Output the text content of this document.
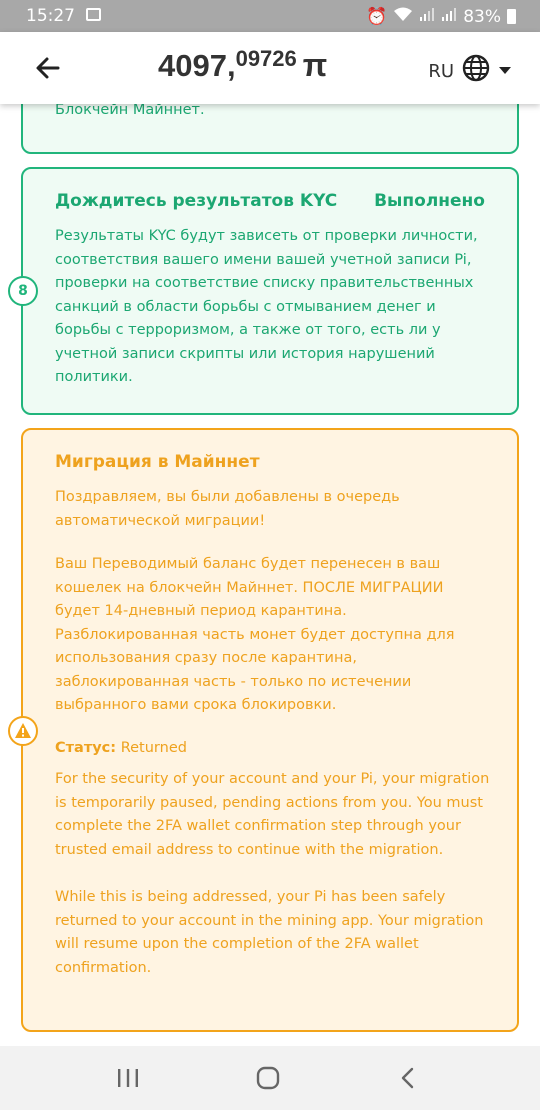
15:27	⏰	83%
4097,09726 π	RU
Блокчейн Майннет.
Дождитесь результатов KYC Выполнено
Результаты KYC будут зависеть от проверки личности,
соответствия вашего имени вашей учетной записи Pi,
проверки на соответствие списку правительственных
санкций в области борьбы с отмыванием денег и
борьбы с терроризмом, а также от того, есть ли у
учетной записи скрипты или история нарушений
политики.
8
Миграция в Майннет
Поздравляем, вы были добавлены в очередь
автоматической миграции!
Ваш Переводимый баланс будет перенесен в ваш
кошелек на блокчейн Майннет. ПОСЛЕ МИГРАЦИИ
будет 14-дневный период карантина.
Разблокированная часть монет будет доступна для
использования сразу после карантина,
заблокированная часть - только по истечении
выбранного вами срока блокировки.
Статус: Returned
For the security of your account and your Pi, your migration
is temporarily paused, pending actions from you. You must
complete the 2FA wallet confirmation step through your
trusted email address to continue with the migration.
While this is being addressed, your Pi has been safely
returned to your account in the mining app. Your migration
will resume upon the completion of the 2FA wallet
confirmation.
